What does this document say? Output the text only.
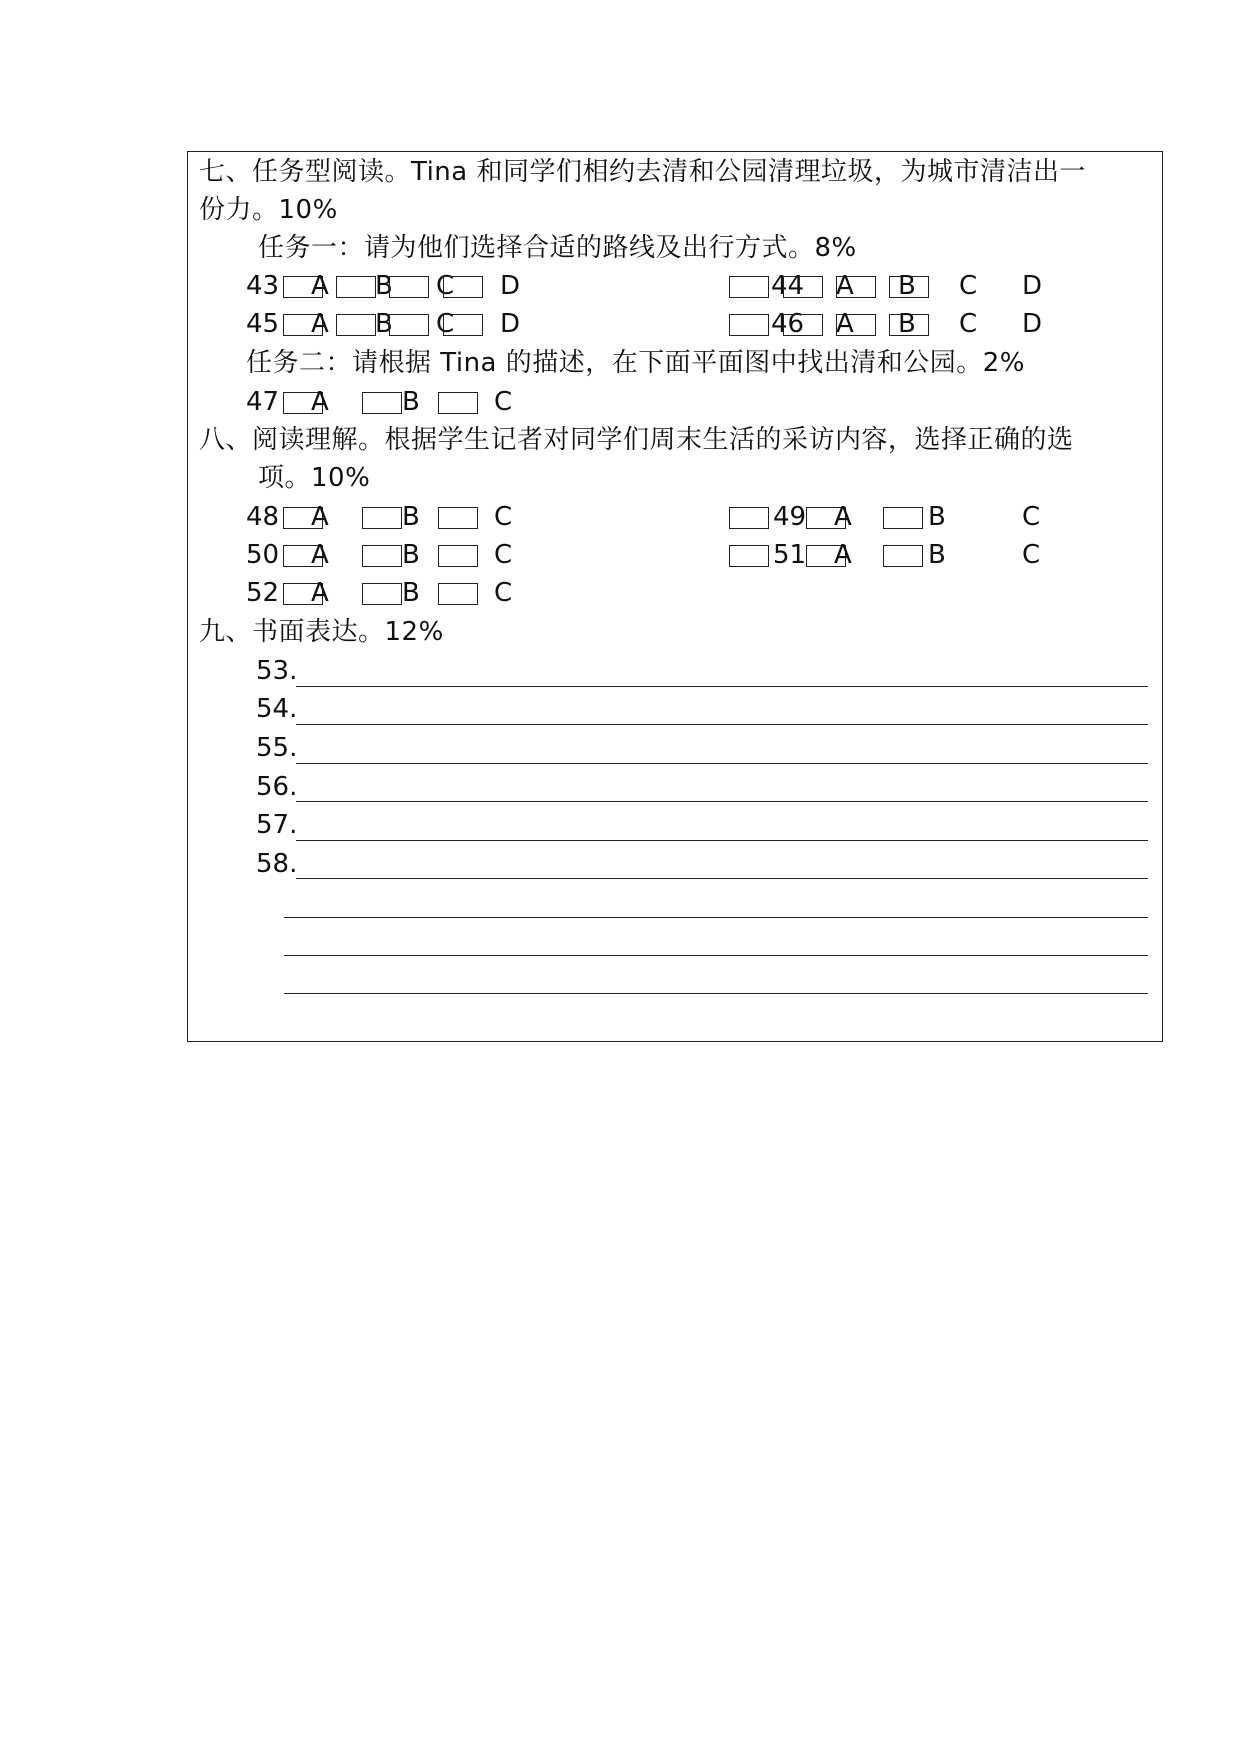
七、任务型阅读。Tina 和同学们相约去清和公园清理垃圾，为城市清洁出一
份力。10%
任务一：请为他们选择合适的路线及出行方式。8%
43 A B C D	44 A B C D
45 A B C D	46 A B C D
任务二：请根据 Tina 的描述，在下面平面图中找出清和公园。2%
47 A	B	C
八、阅读理解。根据学生记者对同学们周末生活的采访内容，选择正确的选
项。10%
48 A	B	C	49 A	B	C
50 A	B	C	51 A	B	C
52 A	B	C
九、书面表达。12%
53.
54.
55.
56.
57.
58.
